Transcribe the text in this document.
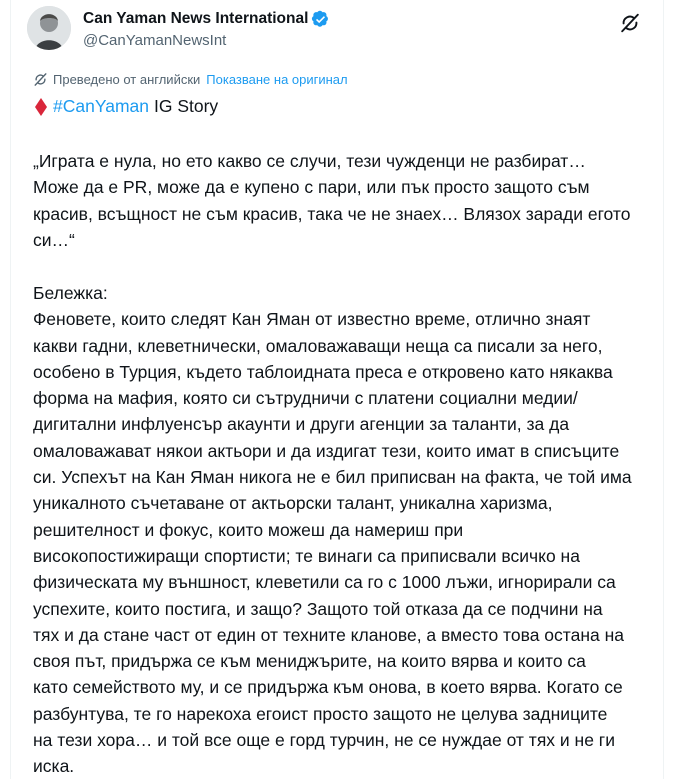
Can Yaman News International
@CanYamanNewsInt
Преведено от английски Показване на оригинал
#CanYaman IG Story
„Играта е нула, но ето какво се случи, тези чужденци не разбират…
Може да е PR, може да е купено с пари, или пък просто защото съм
красив, всъщност не съм красив, така че не знаех… Влязох заради егото
си…“
Бележка:
Феновете, които следят Кан Яман от известно време, отлично знаят
какви гадни, клеветнически, омаловажаващи неща са писали за него,
особено в Турция, където таблоидната преса е откровено като някаква
форма на мафия, която си сътрудничи с платени социални медии/
дигитални инфлуенсър акаунти и други агенции за таланти, за да
омаловажават някои актьори и да издигат тези, които имат в списъците
си. Успехът на Кан Яман никога не е бил приписван на факта, че той има
уникалното съчетаване от актьорски талант, уникална харизма,
решителност и фокус, които можеш да намериш при
високопостижиращи спортисти; те винаги са приписвали всичко на
физическата му външност, клеветили са го с 1000 лъжи, игнорирали са
успехите, които постига, и защо? Защото той отказа да се подчини на
тях и да стане част от един от техните кланове, а вместо това остана на
своя път, придържа се към мениджърите, на които вярва и които са
като семейството му, и се придържа към онова, в което вярва. Когато се
разбунтува, те го нарекоха егоист просто защото не целува задниците
на тези хора… и той все още е горд турчин, не се нуждае от тях и не ги
иска.
